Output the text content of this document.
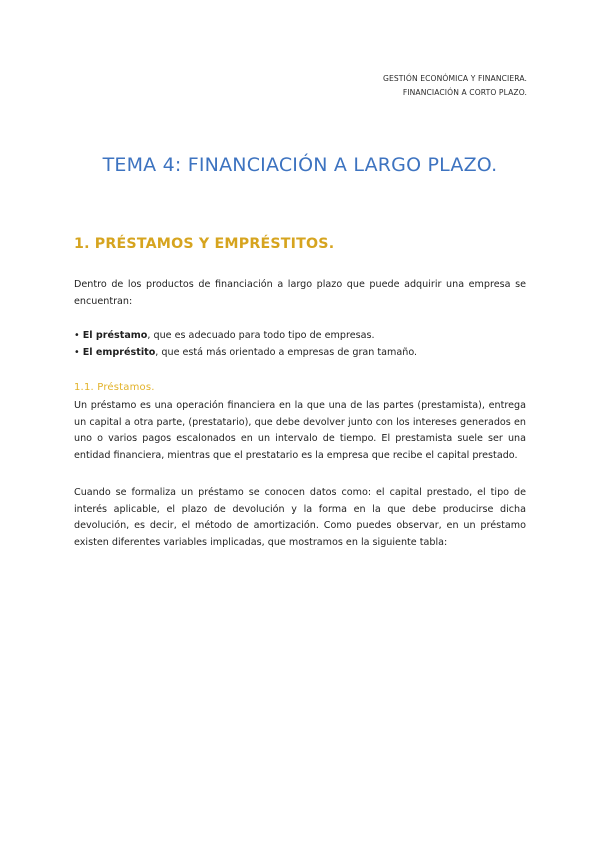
GESTIÓN ECONÓMICA Y FINANCIERA.
FINANCIACIÓN A CORTO PLAZO.
TEMA 4: FINANCIACIÓN A LARGO PLAZO.
1. PRÉSTAMOS Y EMPRÉSTITOS.
Dentro de los productos de financiación a largo plazo que puede adquirir una empresa se encuentran:
• El préstamo, que es adecuado para todo tipo de empresas.
• El empréstito, que está más orientado a empresas de gran tamaño.
1.1. Préstamos.
Un préstamo es una operación financiera en la que una de las partes (prestamista), entrega un capital a otra parte, (prestatario), que debe devolver junto con los intereses generados en uno o varios pagos escalonados en un intervalo de tiempo. El prestamista suele ser una entidad financiera, mientras que el prestatario es la empresa que recibe el capital prestado.
Cuando se formaliza un préstamo se conocen datos como: el capital prestado, el tipo de interés aplicable, el plazo de devolución y la forma en la que debe producirse dicha devolución, es decir, el método de amortización. Como puedes observar, en un préstamo existen diferentes variables implicadas, que mostramos en la siguiente tabla:
